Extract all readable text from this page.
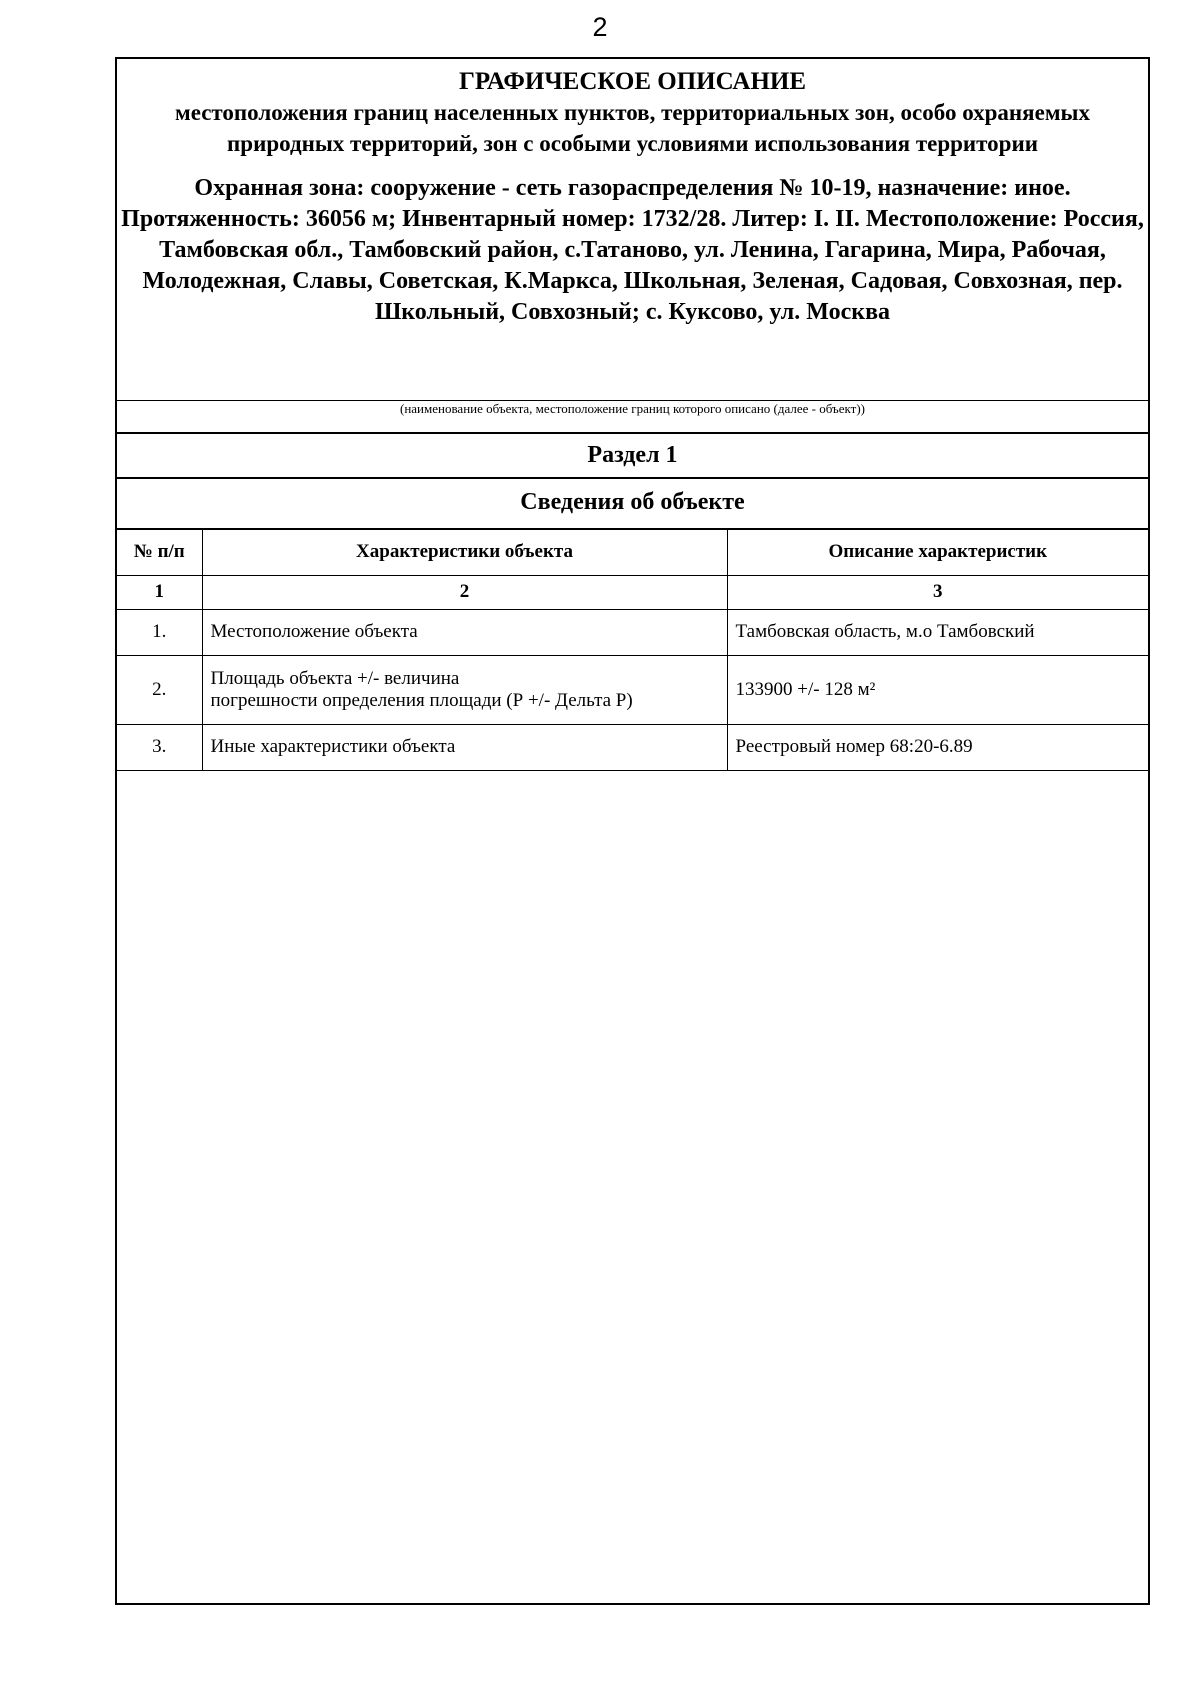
2
ГРАФИЧЕСКОЕ ОПИСАНИЕ
местоположения границ населенных пунктов, территориальных зон, особо охраняемых природных территорий, зон с особыми условиями использования территории
Охранная зона: сооружение - сеть газораспределения № 10-19, назначение: иное. Протяженность: 36056 м; Инвентарный номер: 1732/28. Литер: I. II. Местоположение: Россия, Тамбовская обл., Тамбовский район, с.Татаново, ул. Ленина, Гагарина, Мира, Рабочая, Молодежная, Славы, Советская, К.Маркса, Школьная, Зеленая, Садовая, Совхозная, пер. Школьный, Совхозный; с. Куксово, ул. Москва
(наименование объекта, местоположение границ которого описано (далее - объект))
Раздел 1
Сведения об объекте
№ п/п	Характеристики объекта	Описание характеристик
1	2	3
1.	Местоположение объекта	Тамбовская область, м.о Тамбовский
2.	Площадь объекта +/- величина
погрешности определения площади (Р +/- Дельта Р)	133900 +/- 128 м²
3.	Иные характеристики объекта	Реестровый номер 68:20-6.89
